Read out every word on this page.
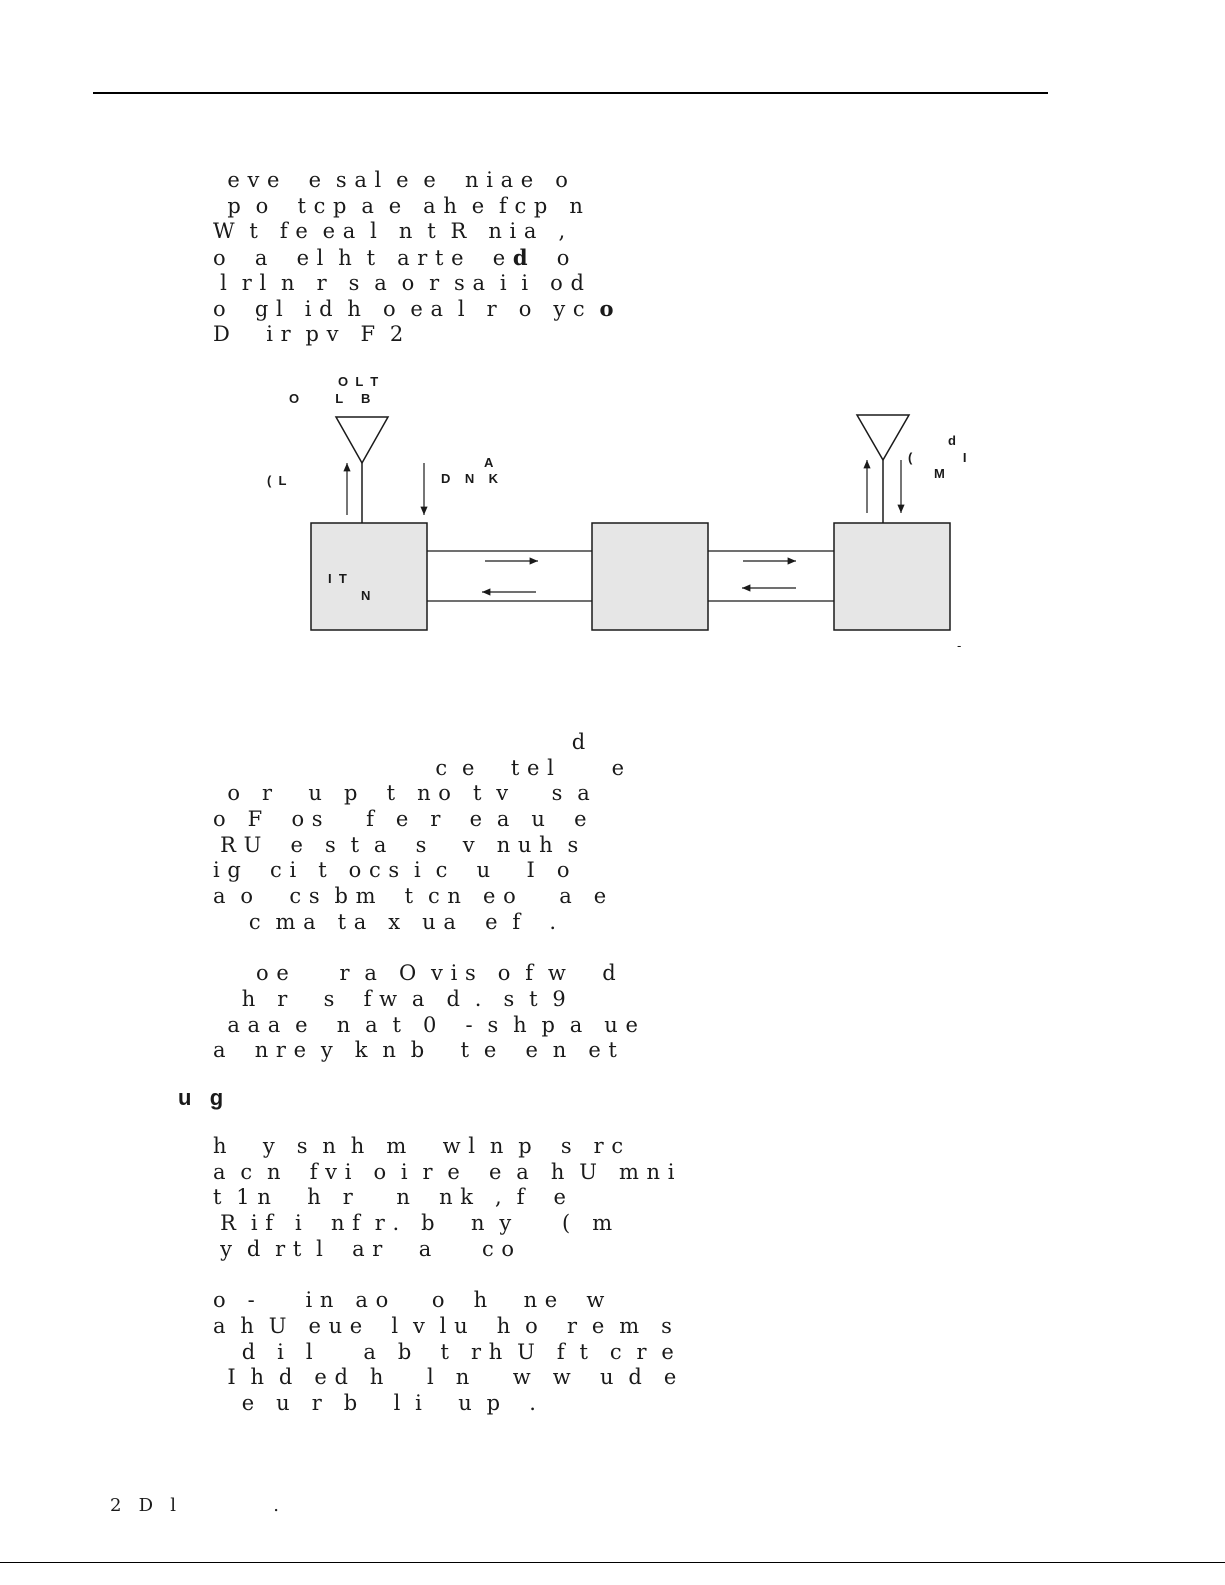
e v e    e  s a l  e  e    n i a e   o
p  o    t c p  a  e   a h  e  f c p   n
W  t   f e  e a  l   n  t  R   n i a   ,
o    a    e l  h  t   a r t e    e d    o
l  r l  n   r   s  a  o  r  s a  i  i   o d
o    g l   i d  h   o  e a  l   r   o   y c  o
D     i r  p v   F  2
O  L  T
O          L     B
(  L
A
D    N    K
I  T
N
d
(              I
M
-
d
c  e     t e l        e
o   r     u   p    t   n o   t  v      s  a
o   F    o s      f   e   r    e  a   u    e
R U    e   s  t  a    s     v   n u h  s
i g    c i   t   o c s  i  c    u     I   o
a  o     c s  b m    t  c n   e o      a   e
c  m a   t a   x   u a    e  f    .
o e       r  a   O  v i s   o  f  w     d
h   r     s    f w  a   d  .   s  t  9
a a a  e    n  a  t   0    -  s  h  p  a   u e
a    n r e  y   k  n  b     t  e    e  n   e t
u   g
h     y   s  n  h   m     w l  n  p    s   r c
a  c  n    f v i   o  i  r  e    e  a   h  U   m n i
t  1 n     h   r      n    n k   ,  f    e
R  i f   i    n f  r .   b     n  y       (   m
y  d  r t  l    a r     a       c o
o   -       i n   a o      o    h     n e    w
a  h  U   e u e    l  v  l u    h  o    r  e  m   s
d   i   l       a   b    t   r h  U   f  t   c  r  e
I  h  d   e d   h      l   n      w   w    u  d   e
e   u   r   b     l  i     u  p    .
2   D   l                 .
